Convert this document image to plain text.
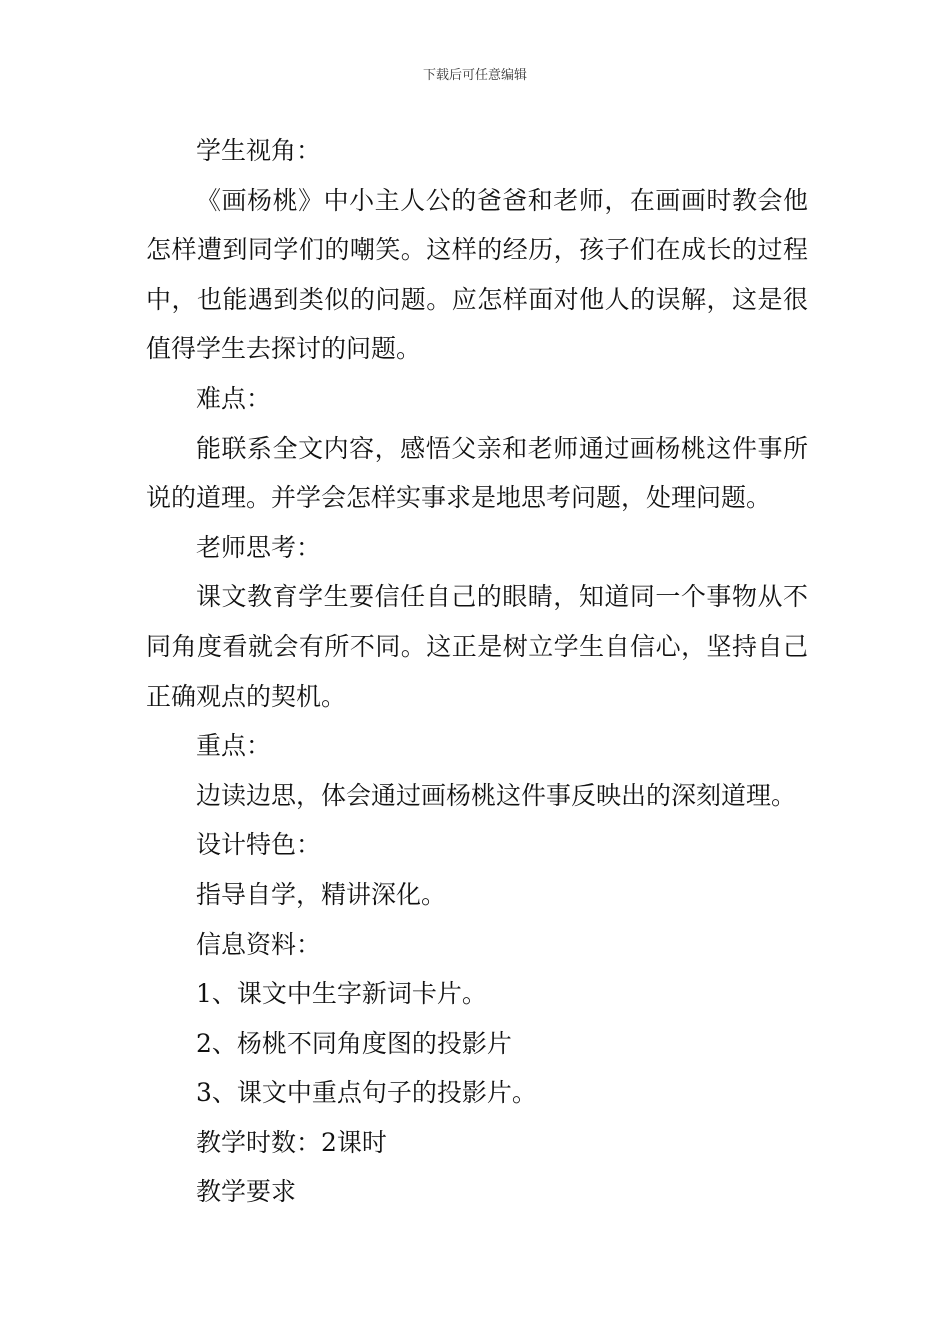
下载后可任意编辑

学生视角：

《画杨桃》中小主人公的爸爸和老师，在画画时教会他怎样遭到同学们的嘲笑。这样的经历，孩子们在成长的过程中，也能遇到类似的问题。应怎样面对他人的误解，这是很值得学生去探讨的问题。

难点：

能联系全文内容，感悟父亲和老师通过画杨桃这件事所说的道理。并学会怎样实事求是地思考问题，处理问题。

老师思考：

课文教育学生要信任自己的眼睛，知道同一个事物从不同角度看就会有所不同。这正是树立学生自信心，坚持自己正确观点的契机。

重点：

边读边思，体会通过画杨桃这件事反映出的深刻道理。

设计特色：

指导自学，精讲深化。

信息资料：

1、课文中生字新词卡片。

2、杨桃不同角度图的投影片

3、课文中重点句子的投影片。

教学时数：2课时

教学要求
